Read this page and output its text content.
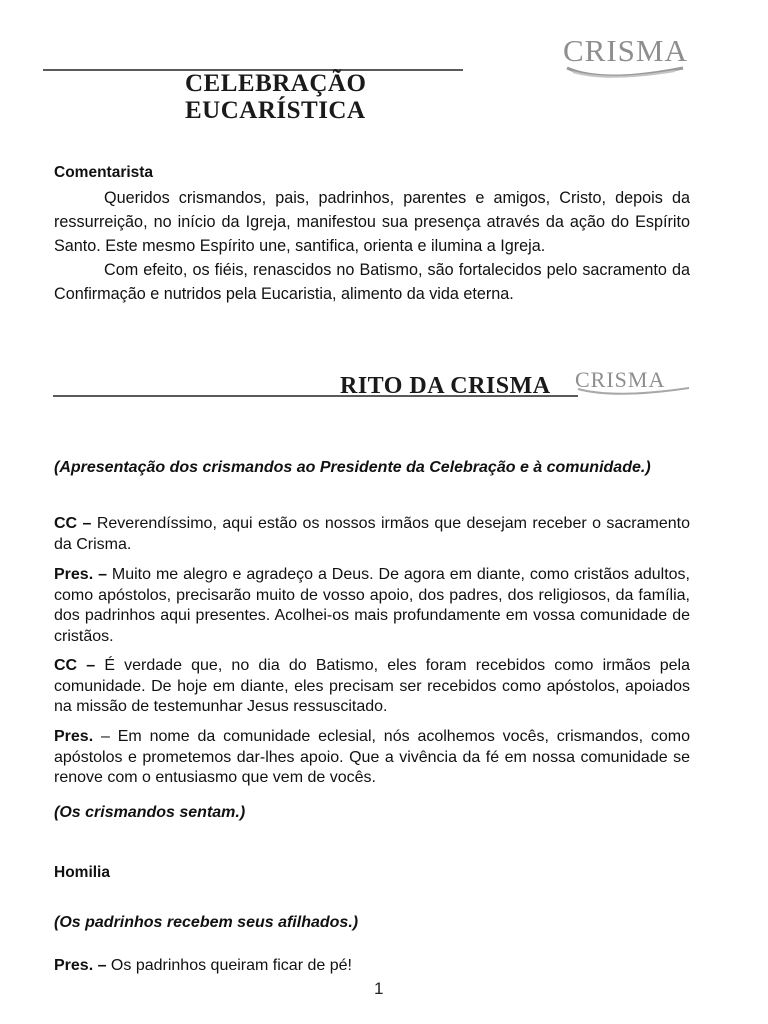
CELEBRAÇÃO
EUCARÍSTICA
CRISMA
Comentarista

Queridos crismandos, pais, padrinhos, parentes e amigos, Cristo, depois da ressurreição, no início da Igreja, manifestou sua presença através da ação do Espírito Santo. Este mesmo Espírito une, santifica, orienta e ilumina a Igreja.

Com efeito, os fiéis, renascidos no Batismo, são fortalecidos pelo sacramento da Confirmação e nutridos pela Eucaristia, alimento da vida eterna.

RITO DA CRISMA CRISMA

(Apresentação dos crismandos ao Presidente da Celebração e à comunidade.)

CC – Reverendíssimo, aqui estão os nossos irmãos que desejam receber o sacramento da Crisma.

Pres. – Muito me alegro e agradeço a Deus. De agora em diante, como cristãos adultos, como apóstolos, precisarão muito de vosso apoio, dos padres, dos religiosos, da família, dos padrinhos aqui presentes. Acolhei-os mais profundamente em vossa comunidade de cristãos.

CC – É verdade que, no dia do Batismo, eles foram recebidos como irmãos pela comunidade. De hoje em diante, eles precisam ser recebidos como apóstolos, apoiados na missão de testemunhar Jesus ressuscitado.

Pres. – Em nome da comunidade eclesial, nós acolhemos vocês, crismandos, como apóstolos e prometemos dar-lhes apoio. Que a vivência da fé em nossa comunidade se renove com o entusiasmo que vem de vocês.

(Os crismandos sentam.)

Homilia

(Os padrinhos recebem seus afilhados.)

Pres. – Os padrinhos queiram ficar de pé!

1
